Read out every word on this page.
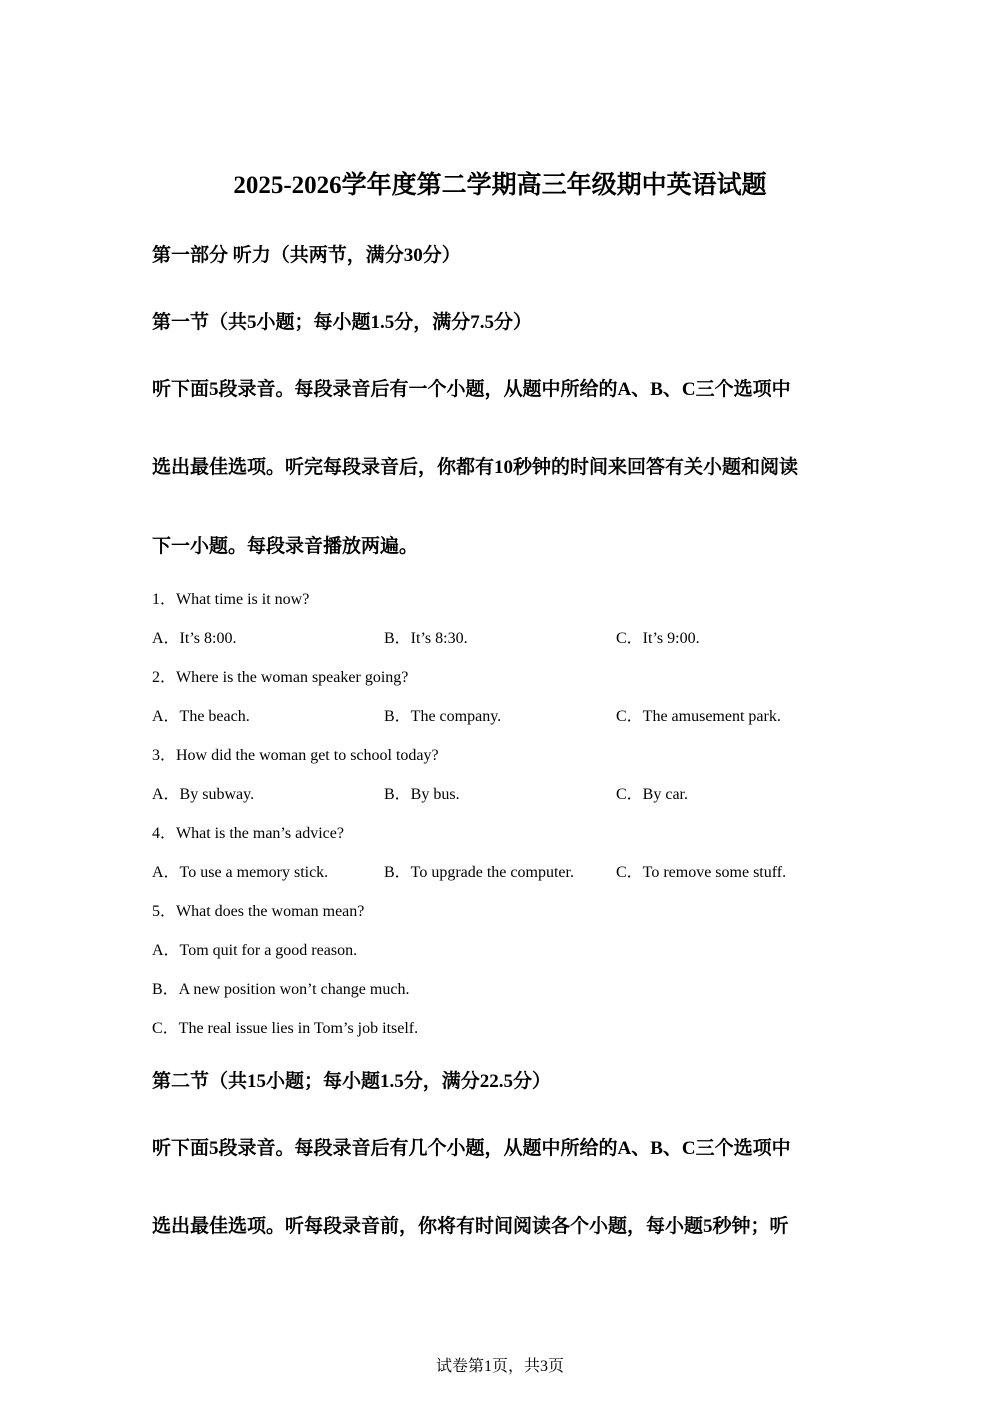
2025-2026学年度第二学期高三年级期中英语试题
第一部分 听力（共两节，满分30分）
第一节（共5小题；每小题1.5分，满分7.5分）
听下面5段录音。每段录音后有一个小题，从题中所给的A、B、C三个选项中
选出最佳选项。听完每段录音后，你都有10秒钟的时间来回答有关小题和阅读
下一小题。每段录音播放两遍。
1．What time is it now?
A．It’s 8:00.	B．It’s 8:30.	C．It’s 9:00.
2．Where is the woman speaker going?
A．The beach.	B．The company.	C．The amusement park.
3．How did the woman get to school today?
A．By subway.	B．By bus.	C．By car.
4．What is the man’s advice?
A．To use a memory stick.	B．To upgrade the computer.	C．To remove some stuff.
5．What does the woman mean?
A．Tom quit for a good reason.
B．A new position won’t change much.
C．The real issue lies in Tom’s job itself.
第二节（共15小题；每小题1.5分，满分22.5分）
听下面5段录音。每段录音后有几个小题，从题中所给的A、B、C三个选项中
选出最佳选项。听每段录音前，你将有时间阅读各个小题，每小题5秒钟；听
试卷第1页，共3页
